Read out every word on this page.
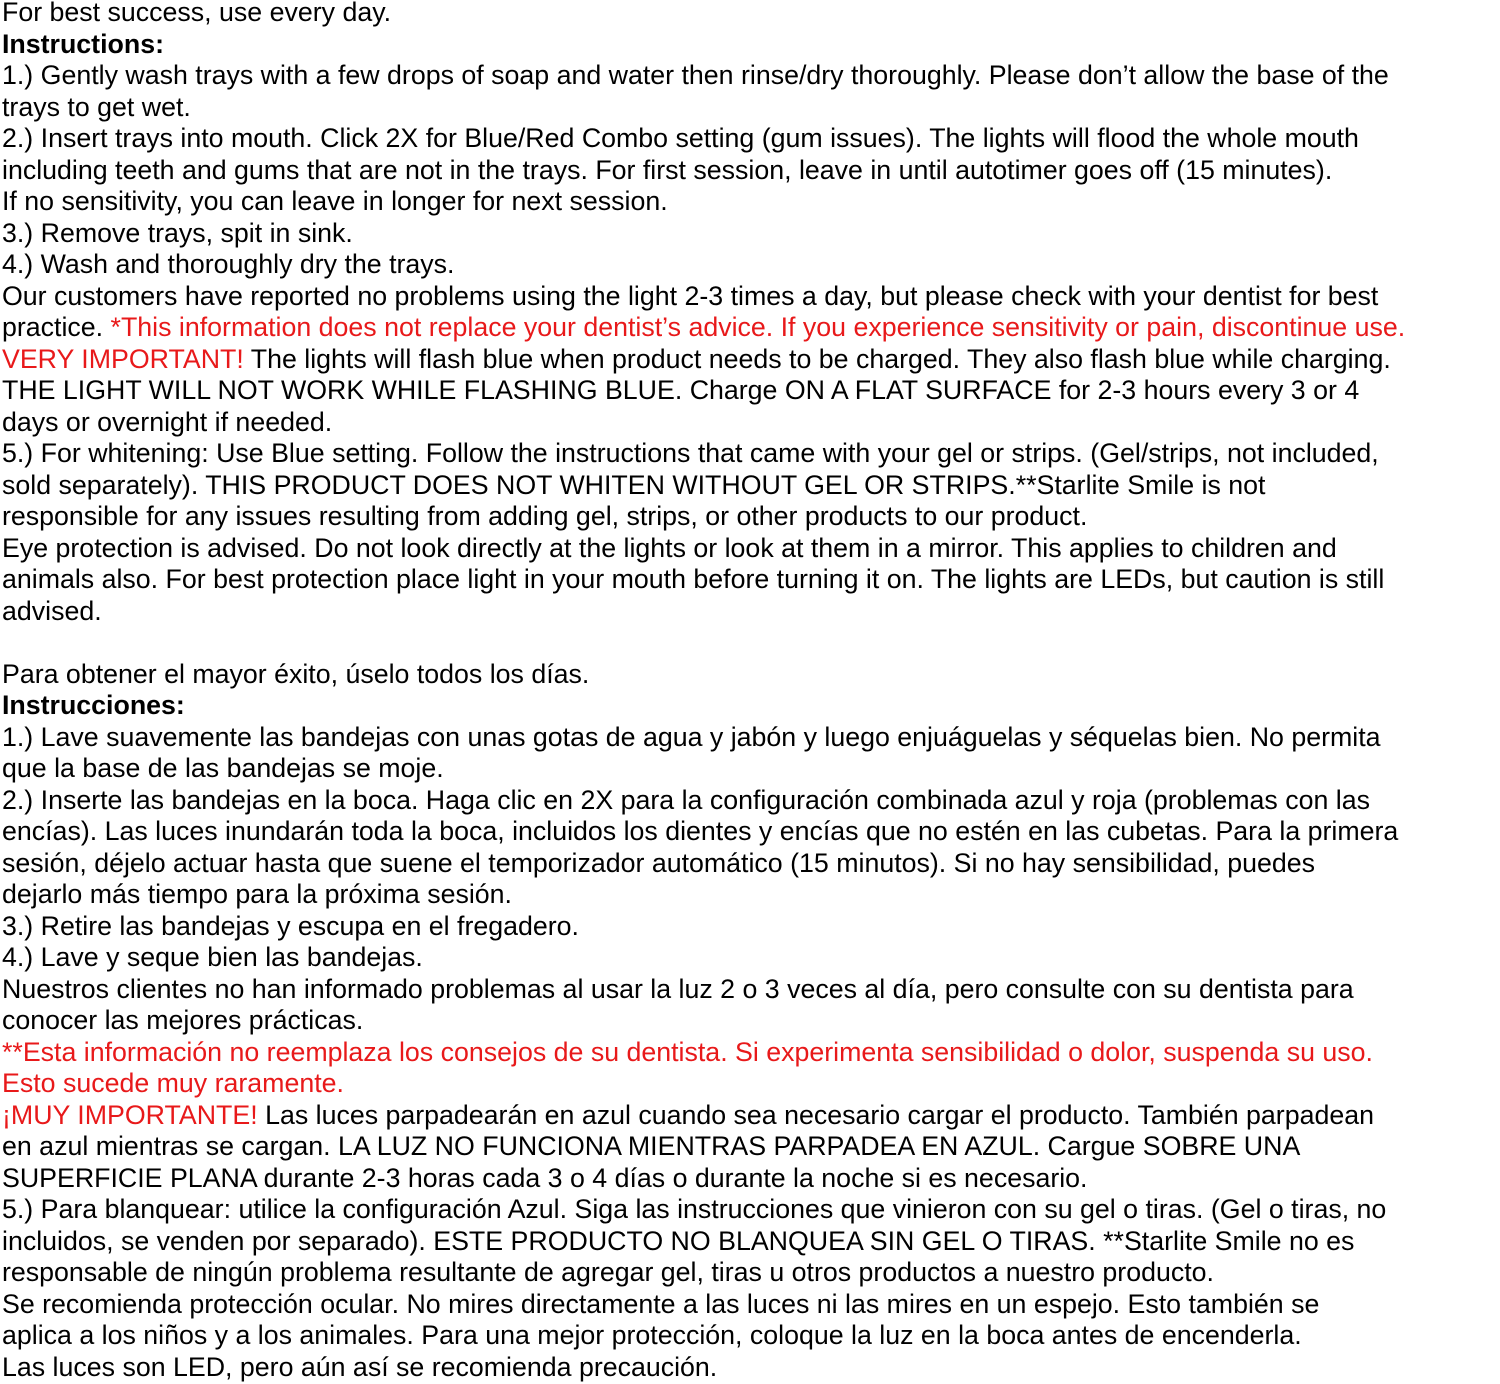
For best success, use every day.
Instructions:
1.) Gently wash trays with a few drops of soap and water then rinse/dry thoroughly. Please don’t allow the base of the
trays to get wet.
2.) Insert trays into mouth. Click 2X for Blue/Red Combo setting (gum issues). The lights will flood the whole mouth
including teeth and gums that are not in the trays. For first session, leave in until autotimer goes off (15 minutes).
If no sensitivity, you can leave in longer for next session.
3.) Remove trays, spit in sink.
4.) Wash and thoroughly dry the trays.
Our customers have reported no problems using the light 2-3 times a day, but please check with your dentist for best
practice. *This information does not replace your dentist’s advice. If you experience sensitivity or pain, discontinue use.
VERY IMPORTANT! The lights will flash blue when product needs to be charged. They also flash blue while charging.
THE LIGHT WILL NOT WORK WHILE FLASHING BLUE. Charge ON A FLAT SURFACE for 2-3 hours every 3 or 4
days or overnight if needed.
5.) For whitening: Use Blue setting. Follow the instructions that came with your gel or strips. (Gel/strips, not included,
sold separately). THIS PRODUCT DOES NOT WHITEN WITHOUT GEL OR STRIPS.**Starlite Smile is not
responsible for any issues resulting from adding gel, strips, or other products to our product.
Eye protection is advised. Do not look directly at the lights or look at them in a mirror. This applies to children and
animals also. For best protection place light in your mouth before turning it on. The lights are LEDs, but caution is still
advised.
Para obtener el mayor éxito, úselo todos los días.
Instrucciones:
1.) Lave suavemente las bandejas con unas gotas de agua y jabón y luego enjuáguelas y séquelas bien. No permita
que la base de las bandejas se moje.
2.) Inserte las bandejas en la boca. Haga clic en 2X para la configuración combinada azul y roja (problemas con las
encías). Las luces inundarán toda la boca, incluidos los dientes y encías que no estén en las cubetas. Para la primera
sesión, déjelo actuar hasta que suene el temporizador automático (15 minutos). Si no hay sensibilidad, puedes
dejarlo más tiempo para la próxima sesión.
3.) Retire las bandejas y escupa en el fregadero.
4.) Lave y seque bien las bandejas.
Nuestros clientes no han informado problemas al usar la luz 2 o 3 veces al día, pero consulte con su dentista para
conocer las mejores prácticas.
**Esta información no reemplaza los consejos de su dentista. Si experimenta sensibilidad o dolor, suspenda su uso.
Esto sucede muy raramente.
¡MUY IMPORTANTE! Las luces parpadearán en azul cuando sea necesario cargar el producto. También parpadean
en azul mientras se cargan. LA LUZ NO FUNCIONA MIENTRAS PARPADEA EN AZUL. Cargue SOBRE UNA
SUPERFICIE PLANA durante 2-3 horas cada 3 o 4 días o durante la noche si es necesario.
5.) Para blanquear: utilice la configuración Azul. Siga las instrucciones que vinieron con su gel o tiras. (Gel o tiras, no
incluidos, se venden por separado). ESTE PRODUCTO NO BLANQUEA SIN GEL O TIRAS. **Starlite Smile no es
responsable de ningún problema resultante de agregar gel, tiras u otros productos a nuestro producto.
Se recomienda protección ocular. No mires directamente a las luces ni las mires en un espejo. Esto también se
aplica a los niños y a los animales. Para una mejor protección, coloque la luz en la boca antes de encenderla.
Las luces son LED, pero aún así se recomienda precaución.
